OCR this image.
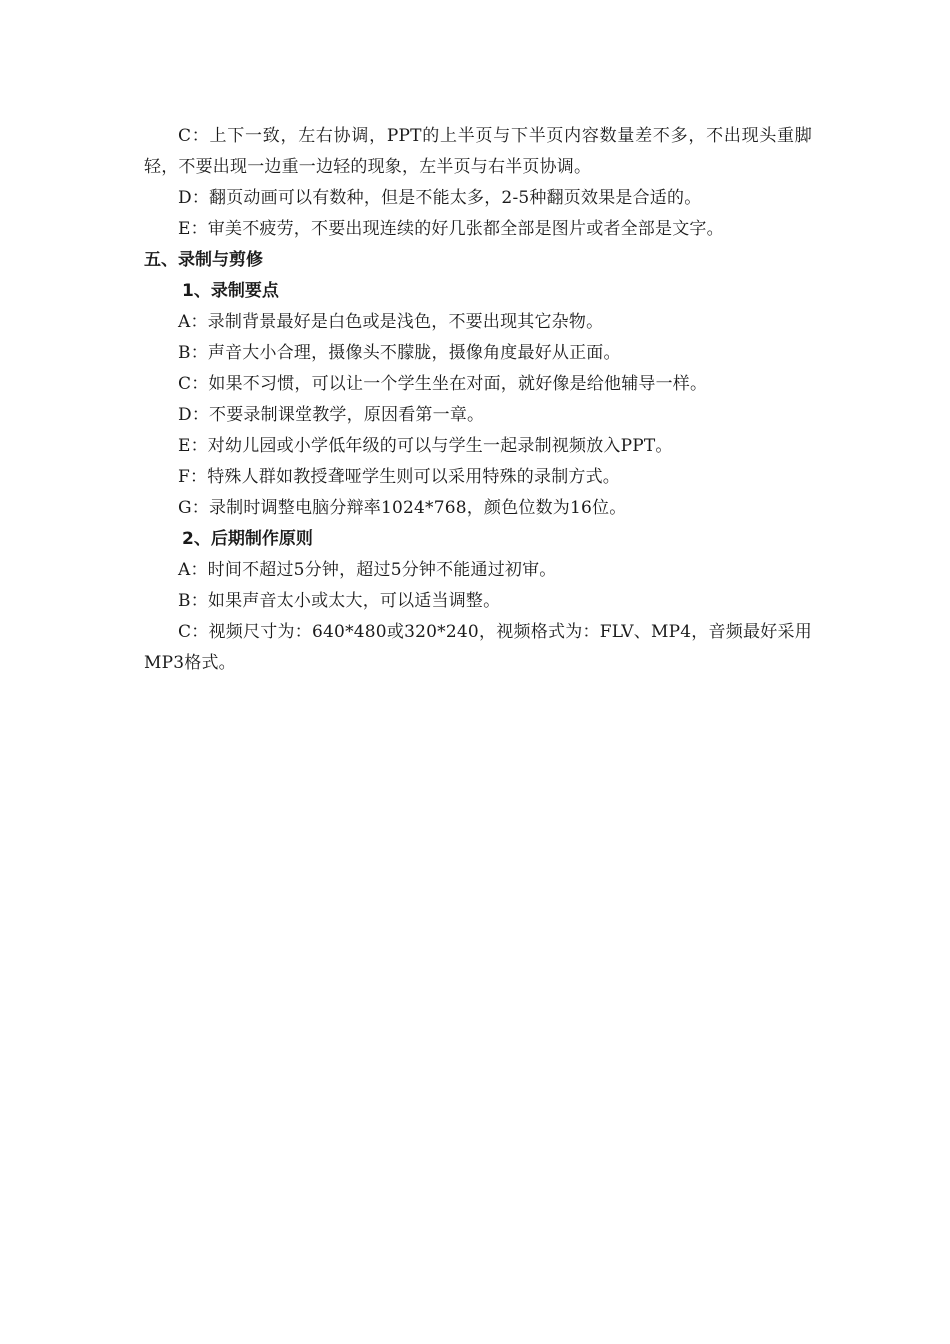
C：上下一致，左右协调，PPT的上半页与下半页内容数量差不多，不出现头重脚轻，不要出现一边重一边轻的现象，左半页与右半页协调。

D：翻页动画可以有数种，但是不能太多，2-5种翻页效果是合适的。

E：审美不疲劳，不要出现连续的好几张都全部是图片或者全部是文字。

五、录制与剪修

1、录制要点

A：录制背景最好是白色或是浅色，不要出现其它杂物。

B：声音大小合理，摄像头不朦胧，摄像角度最好从正面。

C：如果不习惯，可以让一个学生坐在对面，就好像是给他辅导一样。

D：不要录制课堂教学，原因看第一章。

E：对幼儿园或小学低年级的可以与学生一起录制视频放入PPT。

F：特殊人群如教授聋哑学生则可以采用特殊的录制方式。

G：录制时调整电脑分辩率1024*768，颜色位数为16位。

2、后期制作原则

A：时间不超过5分钟，超过5分钟不能通过初审。

B：如果声音太小或太大，可以适当调整。

C：视频尺寸为：640*480或320*240，视频格式为：FLV、MP4，音频最好采用MP3格式。
